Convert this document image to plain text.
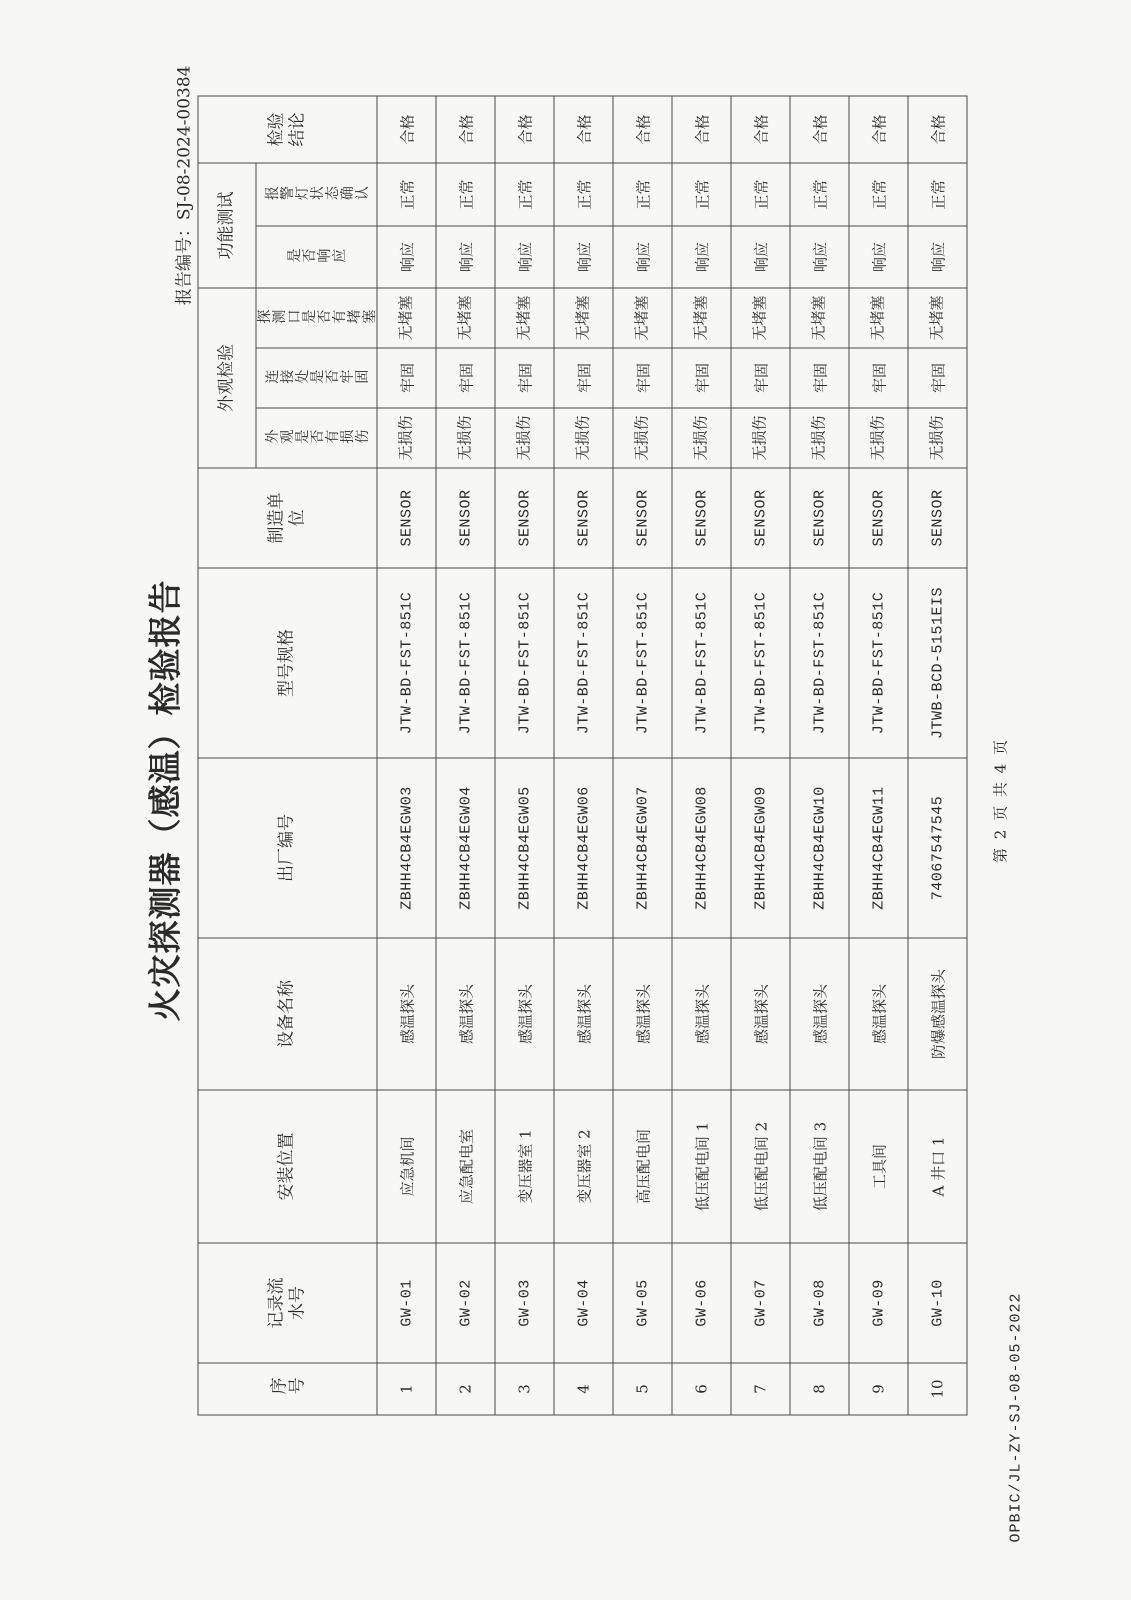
OPBIC/JL-ZY-SJ-08-05-2022
火灾探测器（感温）检验报告
报告编号：SJ-08-2024-00384
序号	记录流水号	安装位置	设备名称	出厂编号	型号规格	制造单位	外观检验			功能测试		检验结论
							外观是否有损伤	连接处是否牢固	探测口是否有堵塞	是否响应	报警灯状态确认	
1	GW-01	应急机间	感温探头	ZBHH4CB4EGW03	JTW-BD-FST-851C	SENSOR	无损伤	牢固	无堵塞	响应	正常	合格
2	GW-02	应急配电室	感温探头	ZBHH4CB4EGW04	JTW-BD-FST-851C	SENSOR	无损伤	牢固	无堵塞	响应	正常	合格
3	GW-03	变压器室 1	感温探头	ZBHH4CB4EGW05	JTW-BD-FST-851C	SENSOR	无损伤	牢固	无堵塞	响应	正常	合格
4	GW-04	变压器室 2	感温探头	ZBHH4CB4EGW06	JTW-BD-FST-851C	SENSOR	无损伤	牢固	无堵塞	响应	正常	合格
5	GW-05	高压配电间	感温探头	ZBHH4CB4EGW07	JTW-BD-FST-851C	SENSOR	无损伤	牢固	无堵塞	响应	正常	合格
6	GW-06	低压配电间 1	感温探头	ZBHH4CB4EGW08	JTW-BD-FST-851C	SENSOR	无损伤	牢固	无堵塞	响应	正常	合格
7	GW-07	低压配电间 2	感温探头	ZBHH4CB4EGW09	JTW-BD-FST-851C	SENSOR	无损伤	牢固	无堵塞	响应	正常	合格
8	GW-08	低压配电间 3	感温探头	ZBHH4CB4EGW10	JTW-BD-FST-851C	SENSOR	无损伤	牢固	无堵塞	响应	正常	合格
9	GW-09	工具间	感温探头	ZBHH4CB4EGW11	JTW-BD-FST-851C	SENSOR	无损伤	牢固	无堵塞	响应	正常	合格
10	GW-10	A 井口 1	防爆感温探头	74067547545	JTWB-BCD-5151EIS	SENSOR	无损伤	牢固	无堵塞	响应	正常	合格
第 2 页 共 4 页
